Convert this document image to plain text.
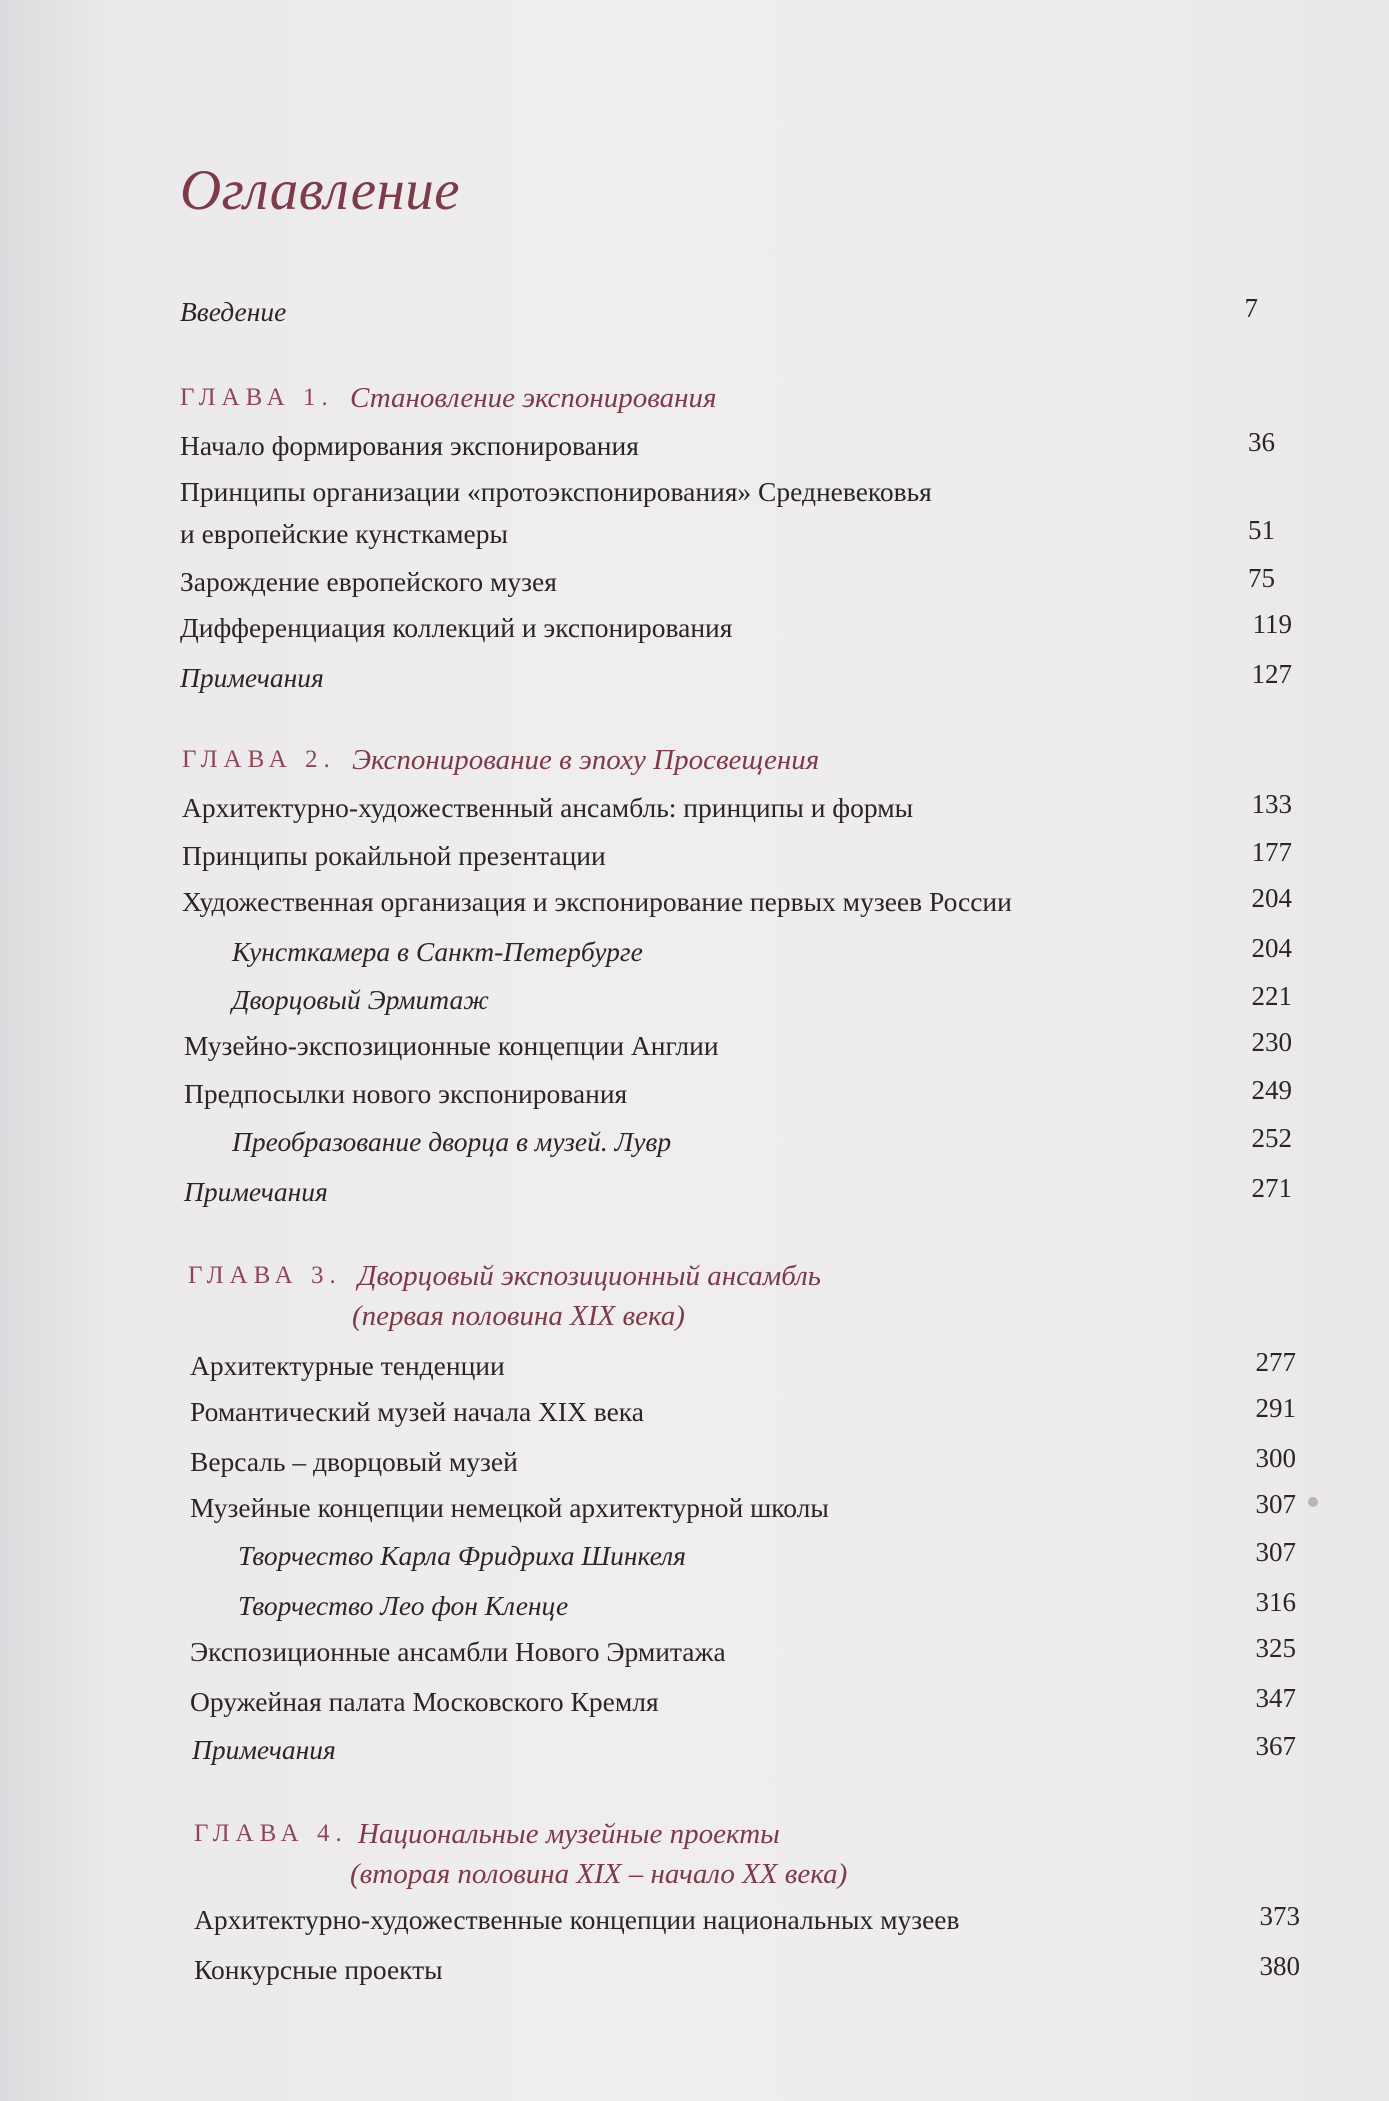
Оглавление
Введение	7
ГЛАВА 1. Становление экспонирования
Начало формирования экспонирования	36
Принципы организации «протоэкспонирования» Средневековья
и европейские кунсткамеры	51
Зарождение европейского музея	75
Дифференциация коллекций и экспонирования	119
Примечания	127
ГЛАВА 2. Экспонирование в эпоху Просвещения
Архитектурно-художественный ансамбль: принципы и формы	133
Принципы рокайльной презентации	177
Художественная организация и экспонирование первых музеев России	204
Кунсткамера в Санкт-Петербурге	204
Дворцовый Эрмитаж	221
Музейно-экспозиционные концепции Англии	230
Предпосылки нового экспонирования	249
Преобразование дворца в музей. Лувр	252
Примечания	271
ГЛАВА 3. Дворцовый экспозиционный ансамбль
(первая половина XIX века)
Архитектурные тенденции	277
Романтический музей начала XIX века	291
Версаль – дворцовый музей	300
Музейные концепции немецкой архитектурной школы	307
Творчество Карла Фридриха Шинкеля	307
Творчество Лео фон Кленце	316
Экспозиционные ансамбли Нового Эрмитажа	325
Оружейная палата Московского Кремля	347
Примечания	367
ГЛАВА 4. Национальные музейные проекты
(вторая половина XIX – начало XX века)
Архитектурно-художественные концепции национальных музеев	373
Конкурсные проекты	380
